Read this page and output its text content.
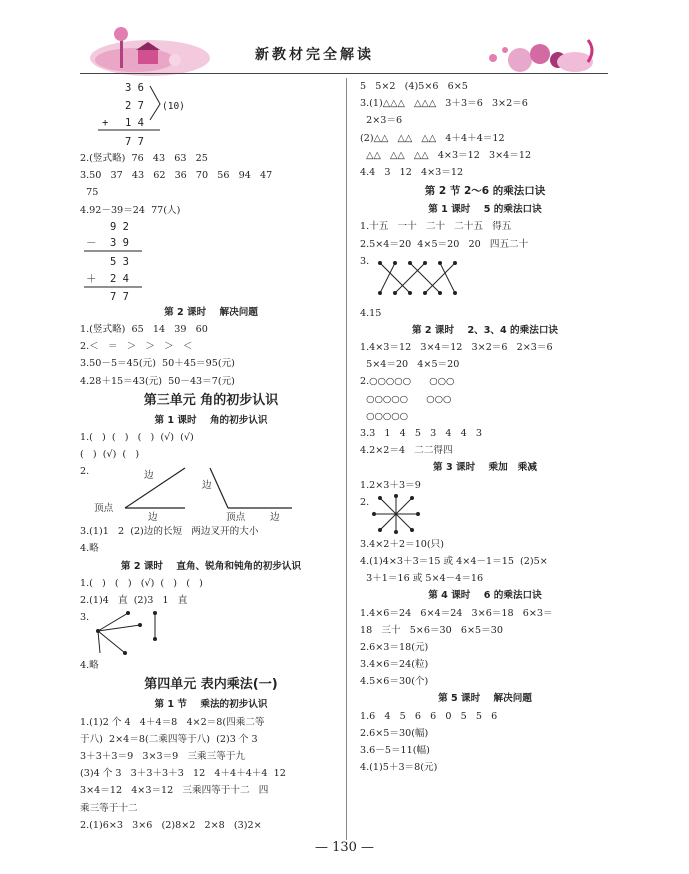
新教材完全解读
3 6
2 7
+ 1 4
7 7
(10)
2.(竖式略)  76   43   63   25
3.50   37   43   62   36   70   56   94   47
75
4.92－39＝24  77(人)
9 2
－ 3 9
5 3
＋ 2 4
7 7
第 2 课时    解决问题
1.(竖式略)  65   14   39   60
2.＜   ＝   ＞   ＞   ＞   ＜
3.50－5＝45(元)  50＋45＝95(元)
4.28＋15＝43(元)  50－43＝7(元)
第三单元 角的初步认识
第 1 课时    角的初步认识
1.(   )  (   )   (   )  (√)  (√)
(   )  (√)  (   )
2.	边
顶点
边
边
顶点	边
3.(1)1   2  (2)边的长短   两边叉开的大小
4.略
第 2 课时    直角、锐角和钝角的初步认识
1.(   )   (   )   (√)  (   )   (   )
2.(1)4   直  (2)3   1   直
3.
4.略
第四单元 表内乘法(一)
第 1 节    乘法的初步认识
1.(1)2 个 4   4＋4＝8   4×2＝8(四乘二等
于八)  2×4＝8(二乘四等于八)  (2)3 个 3
3＋3＋3＝9   3×3＝9   三乘三等于九
(3)4 个 3   3＋3＋3＋3   12   4＋4＋4＋4  12
3×4＝12   4×3＝12   三乘四等于十二   四
乘三等于十二
2.(1)6×3   3×6   (2)8×2   2×8   (3)2×
5   5×2   (4)5×6   6×5
3.(1)△△△   △△△   3＋3＝6   3×2＝6
2×3＝6
(2)△△   △△   △△   4＋4＋4＝12
△△   △△   △△   4×3＝12   3×4＝12
4.4   3   12   4×3＝12
第 2 节 2～6 的乘法口诀
第 1 课时    5 的乘法口诀
1.十五   一十   二十   二十五   得五
2.5×4＝20  4×5＝20   20   四五二十
3.
4.15
第 2 课时    2、3、4 的乘法口诀
1.4×3＝12   3×4＝12   3×2＝6   2×3＝6
5×4＝20   4×5＝20
2.○○○○○      ○○○
○○○○○      ○○○
○○○○○
3.3   1   4   5   3   4   4   3
4.2×2＝4   二二得四
第 3 课时    乘加   乘减
1.2×3＋3＝9
2.
3.4×2＋2＝10(只)
4.(1)4×3＋3＝15 或 4×4－1＝15  (2)5×
3＋1＝16 或 5×4－4＝16
第 4 课时    6 的乘法口诀
1.4×6＝24   6×4＝24   3×6＝18   6×3＝
18   三十   5×6＝30   6×5＝30
2.6×3＝18(元)
3.4×6＝24(粒)
4.5×6＝30(个)
第 5 课时    解决问题
1.6   4   5   6   6   0   5   5   6
2.6×5＝30(幅)
3.6－5＝11(幅)
4.(1)5＋3＝8(元)
— 130 —
